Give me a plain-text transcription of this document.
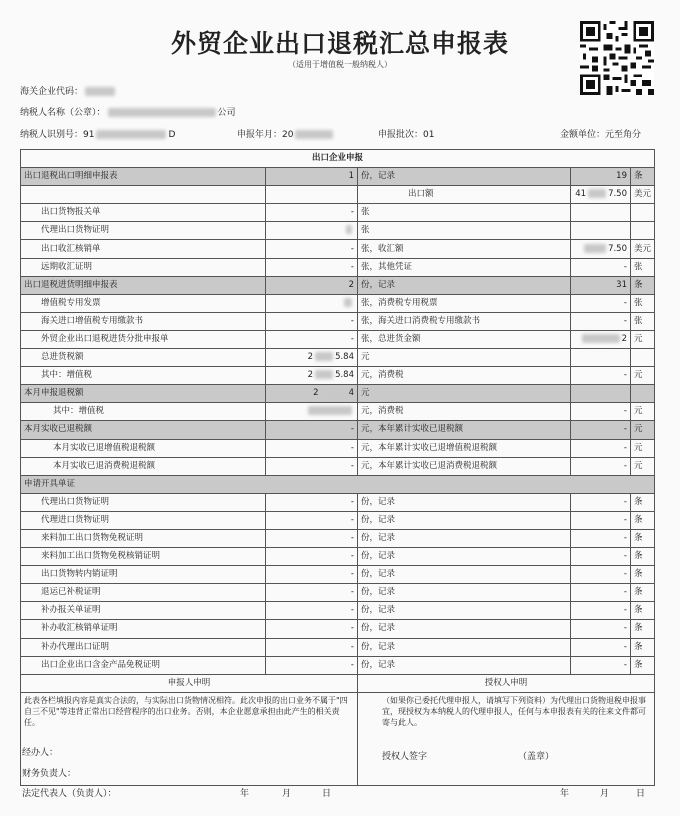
外贸企业出口退税汇总申报表
（适用于增值税一般纳税人）
海关企业代码：
纳税人名称（公章）：	公司
纳税人识别号：91	D	申报年月：20	申报批次：01	金额单位：元至角分
出口企业申报				
出口退税出口明细申报表	1	份，记录	19	条
		出口额	41 7.50	美元
出口货物报关单	-	张		
代理出口货物证明		张		
出口收汇核销单	-	张，收汇额	7.50	美元
远期收汇证明	-	张，其他凭证	-	张
出口退税进货明细申报表	2	份，记录	31	条
增值税专用发票		张，消费税专用税票	-	张
海关进口增值税专用缴款书	-	张，海关进口消费税专用缴款书	-	张
外贸企业出口退税进货分批申报单	-	张，总进货金额	2	元
总进货税额	2 5.84	元		
其中：增值税	2 5.84	元，消费税	-	元
本月申报退税额	2 4	元		
其中：增值税		元，消费税	-	元
本月实收已退税额	-	元，本年累计实收已退税额	-	元
本月实收已退增值税退税额	-	元，本年累计实收已退增值税退税额	-	元
本月实收已退消费税退税额	-	元，本年累计实收已退消费税退税额	-	元
申请开具单证				
代理出口货物证明	-	份，记录	-	条
代理进口货物证明	-	份，记录	-	条
来料加工出口货物免税证明	-	份，记录	-	条
来料加工出口货物免税核销证明	-	份，记录	-	条
出口货物转内销证明	-	份，记录	-	条
退运已补税证明	-	份，记录	-	条
补办报关单证明	-	份，记录	-	条
补办收汇核销单证明	-	份，记录	-	条
补办代理出口证明	-	份，记录	-	条
出口企业出口含金产品免税证明	-	份，记录	-	条
申报人申明		授权人申明		

此表各栏填报内容是真实合法的，与实际出口货物情况相符。此次申报的出口业务不属于"四自三不见"等违背正常出口经营程序的出口业务。否则，本企业愿意承担由此产生的相关责任。		（如果你已委托代理申报人，请填写下列资料）为代理出口货物退税申报事宜，现授权为本纳税人的代理申报人，任何与本申报表有关的往来文件都可寄与此人。		
经办人：
财务负责人：
法定代表人（负责人）：	年	月	日
授权人签字	（盖章）
年	月	日
